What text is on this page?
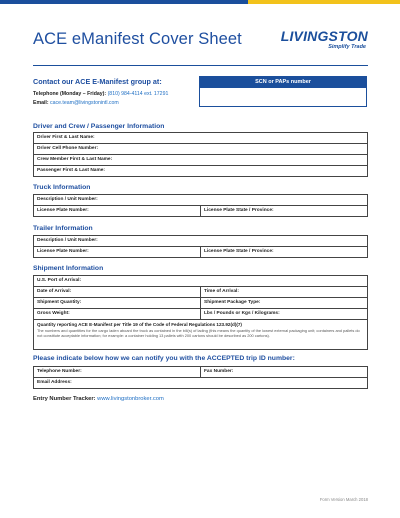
ACE eManifest Cover Sheet	LIVINGSTON
Simplify Trade
Contact our ACE E-Manifest group at:
Telephone (Monday – Friday): (810) 984-4114 ext. 17291
Email: cace.team@livingstonintl.com
SCN or PAPs number
Driver and Crew / Passenger Information
Driver First & Last Name:
Driver Cell Phone Number:
Crew Member First & Last Name:
Passenger First & Last Name:
Truck Information
Description / Unit Number:
License Plate Number:	License Plate State / Province:
Trailer Information
Description / Unit Number:
License Plate Number:	License Plate State / Province:
Shipment Information
U.S. Port of Arrival:
Date of Arrival:	Time of Arrival:
Shipment Quantity:	Shipment Package Type:
Gross Weight:	Lbs / Pounds or Kgs / Kilograms:
Quantity reporting ACE E-Manifest per Title 19 of the Code of Federal Regulations 123.92(d)(7)
The numbers and quantities for the cargo laden aboard the truck as contained in the bill(s) of lading (this means the quantity of the lowest external packaging unit; containers and pallets do not constitute acceptable information; for example: a container holding 13 pallets with 200 cartons should be described as 200 cartons).
Please indicate below how we can notify you with the ACCEPTED trip ID number:
Telephone Number:	Fax Number:
Email Address:
Entry Number Tracker: www.livingstonbroker.com
Form Version March 2018
